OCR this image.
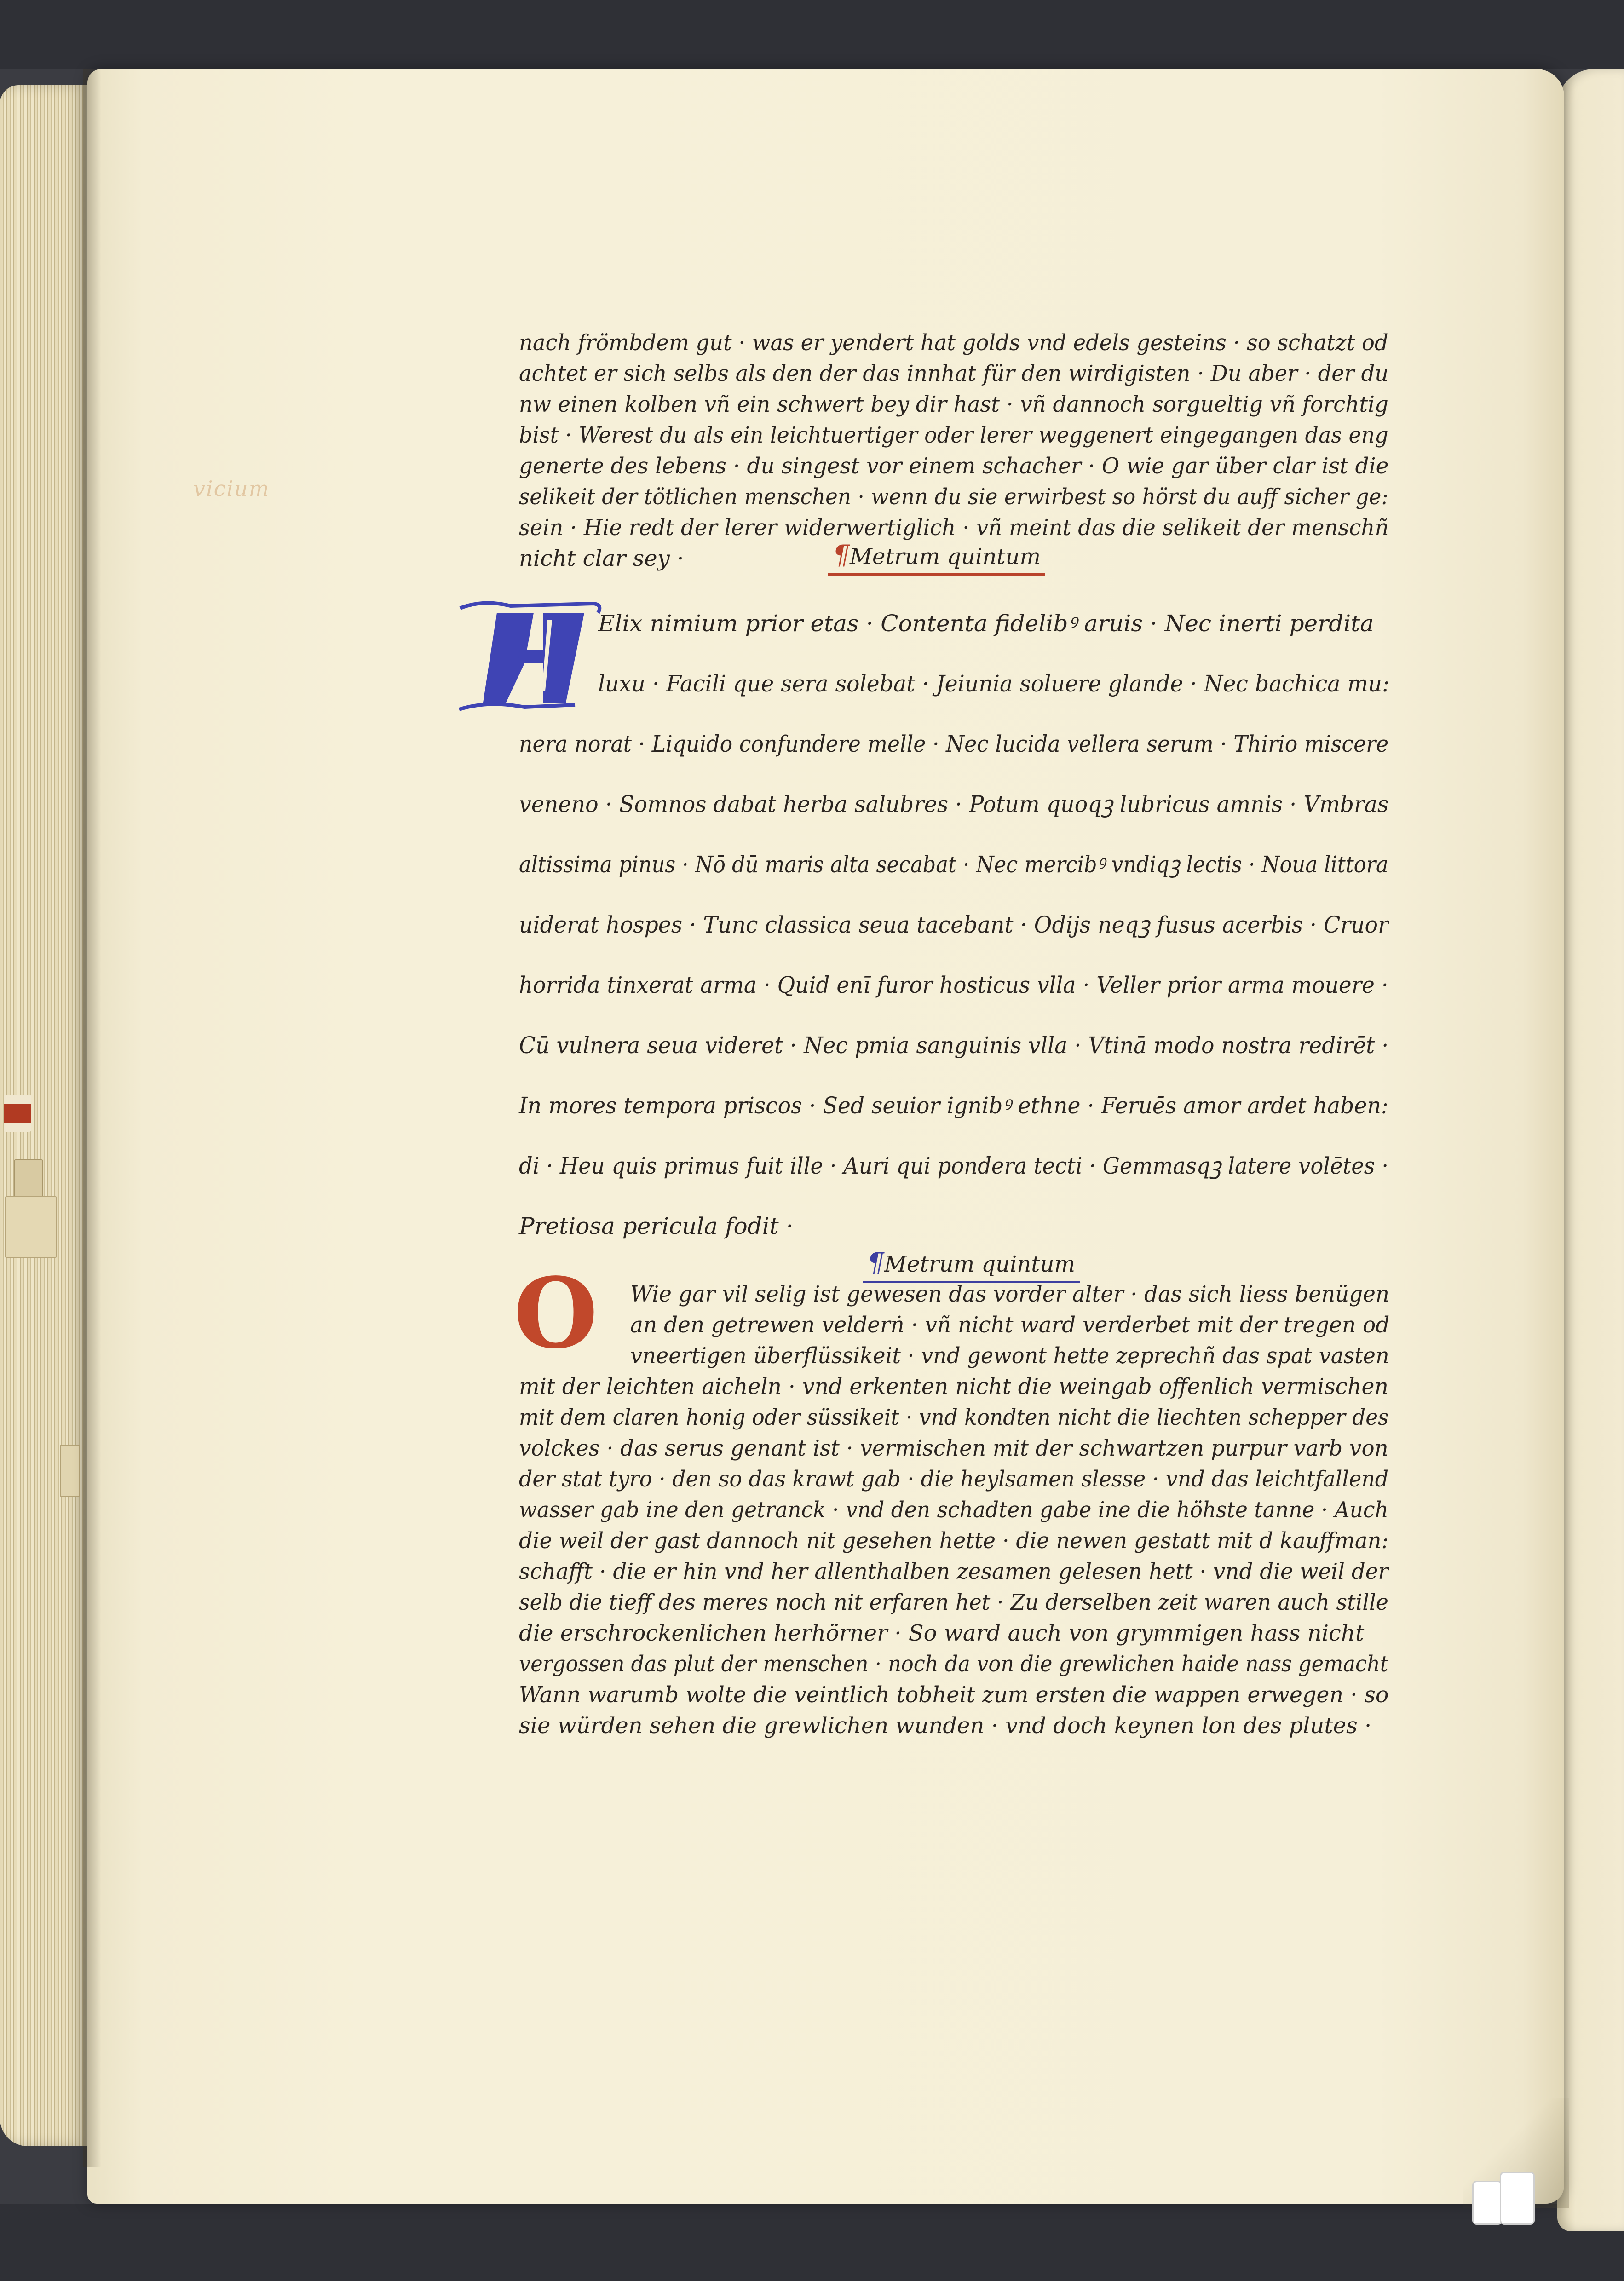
vicium
nach frömbdem gut · was er yendert hat golds vnd edels gesteins · so schatzt od
achtet er sich selbs als den der das innhat für den wirdigisten · Du aber · der du
nw einen kolben vñ ein schwert bey dir hast · vñ dannoch sorgueltig vñ forchtig
bist · Werest du als ein leichtuertiger oder lerer weggenert eingegangen das eng
generte des lebens · du singest vor einem schacher · O wie gar über clar ist die
selikeit der tötlichen menschen · wenn du sie erwirbest so hörst du auff sicher ge:
sein · Hie redt der lerer widerwertiglich · vñ meint das die selikeit der menschñ
nicht clar sey ·	¶Metrum quintum
F
Elix nimium prior etas · Contenta fidelibꝰ aruis · Nec inerti perdita
luxu · Facili que sera solebat · Jeiunia soluere glande · Nec bachica mu:
nera norat · Liquido confundere melle · Nec lucida vellera serum · Thirio miscere
veneno · Somnos dabat herba salubres · Potum quoqꝫ lubricus amnis · Vmbras
altissima pinus · Nō dū maris alta secabat · Nec mercibꝰ vndiqꝫ lectis · Noua littora
uiderat hospes · Tunc classica seua tacebant · Odijs neqꝫ fusus acerbis · Cruor
horrida tinxerat arma · Quid enī furor hosticus vlla · Veller prior arma mouere ·
Cū vulnera seua videret · Nec pmia sanguinis vlla · Vtinā modo nostra redirēt ·
In mores tempora priscos · Sed seuior ignibꝰ ethne · Feruēs amor ardet haben:
di · Heu quis primus fuit ille · Auri qui pondera tecti · Gemmasqꝫ latere volētes ·
Pretiosa pericula fodit ·
¶Metrum quintum
O Wie gar vil selig ist gewesen das vorder alter · das sich liess benügen
an den getrewen velderṅ · vñ nicht ward verderbet mit der tregen od
vneertigen überflüssikeit · vnd gewont hette zeprechñ das spat vasten
mit der leichten aicheln · vnd erkenten nicht die weingab offenlich vermischen
mit dem claren honig oder süssikeit · vnd kondten nicht die liechten schepper des
volckes · das serus genant ist · vermischen mit der schwartzen purpur varb von
der stat tyro · den so das krawt gab · die heylsamen slesse · vnd das leichtfallend
wasser gab ine den getranck · vnd den schadten gabe ine die höhste tanne · Auch
die weil der gast dannoch nit gesehen hette · die newen gestatt mit d kauffman:
schafft · die er hin vnd her allenthalben zesamen gelesen hett · vnd die weil der
selb die tieff des meres noch nit erfaren het · Zu derselben zeit waren auch stille
die erschrockenlichen herhörner · So ward auch von grymmigen hass nicht
vergossen das plut der menschen · noch da von die grewlichen haide nass gemacht
Wann warumb wolte die veintlich tobheit zum ersten die wappen erwegen · so
sie würden sehen die grewlichen wunden · vnd doch keynen lon des plutes ·
